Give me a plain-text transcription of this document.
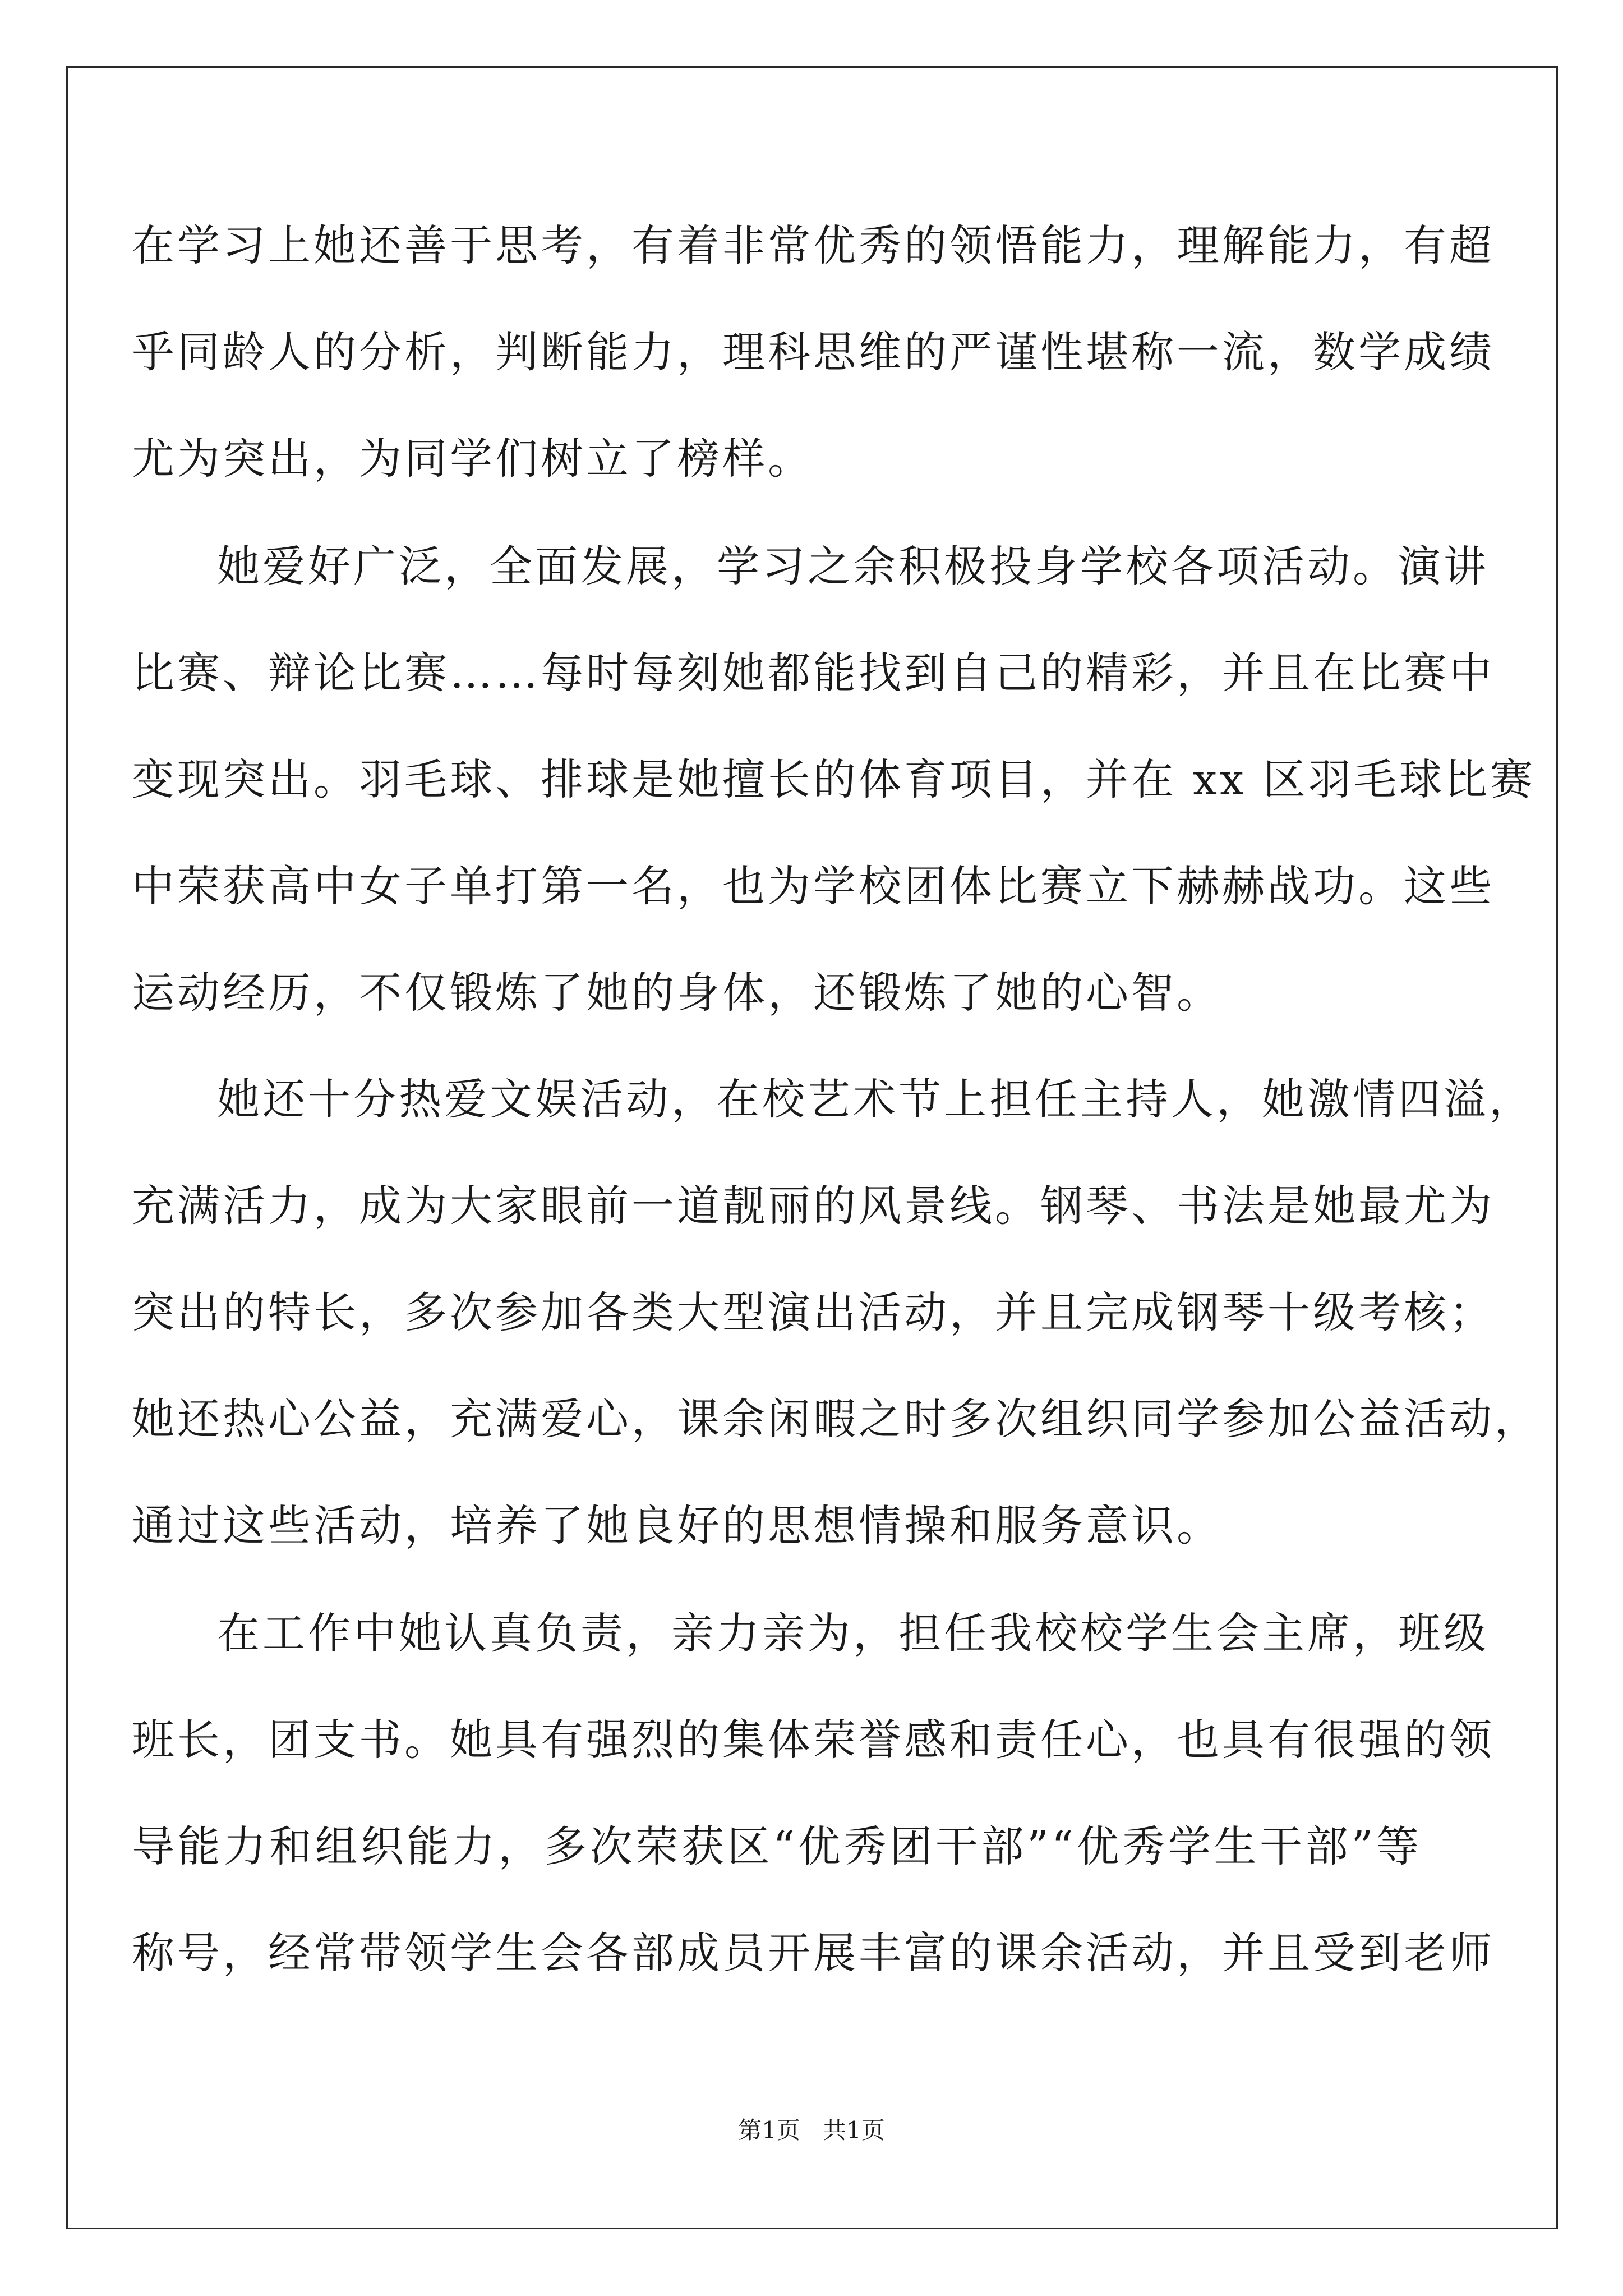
在学习上她还善于思考，有着非常优秀的领悟能力，理解能力，有超
乎同龄人的分析，判断能力，理科思维的严谨性堪称一流，数学成绩
尤为突出，为同学们树立了榜样。
她爱好广泛，全面发展，学习之余积极投身学校各项活动。演讲
比赛、辩论比赛……每时每刻她都能找到自己的精彩，并且在比赛中
变现突出。羽毛球、排球是她擅长的体育项目，并在 xx 区羽毛球比赛
中荣获高中女子单打第一名，也为学校团体比赛立下赫赫战功。这些
运动经历，不仅锻炼了她的身体，还锻炼了她的心智。
她还十分热爱文娱活动，在校艺术节上担任主持人，她激情四溢，
充满活力，成为大家眼前一道靓丽的风景线。钢琴、书法是她最尤为
突出的特长，多次参加各类大型演出活动，并且完成钢琴十级考核；
她还热心公益，充满爱心，课余闲暇之时多次组织同学参加公益活动，
通过这些活动，培养了她良好的思想情操和服务意识。
在工作中她认真负责，亲力亲为，担任我校校学生会主席，班级
班长，团支书。她具有强烈的集体荣誉感和责任心，也具有很强的领
导能力和组织能力，多次荣获区“优秀团干部”“优秀学生干部”等
称号，经常带领学生会各部成员开展丰富的课余活动，并且受到老师
第1页   共1页
